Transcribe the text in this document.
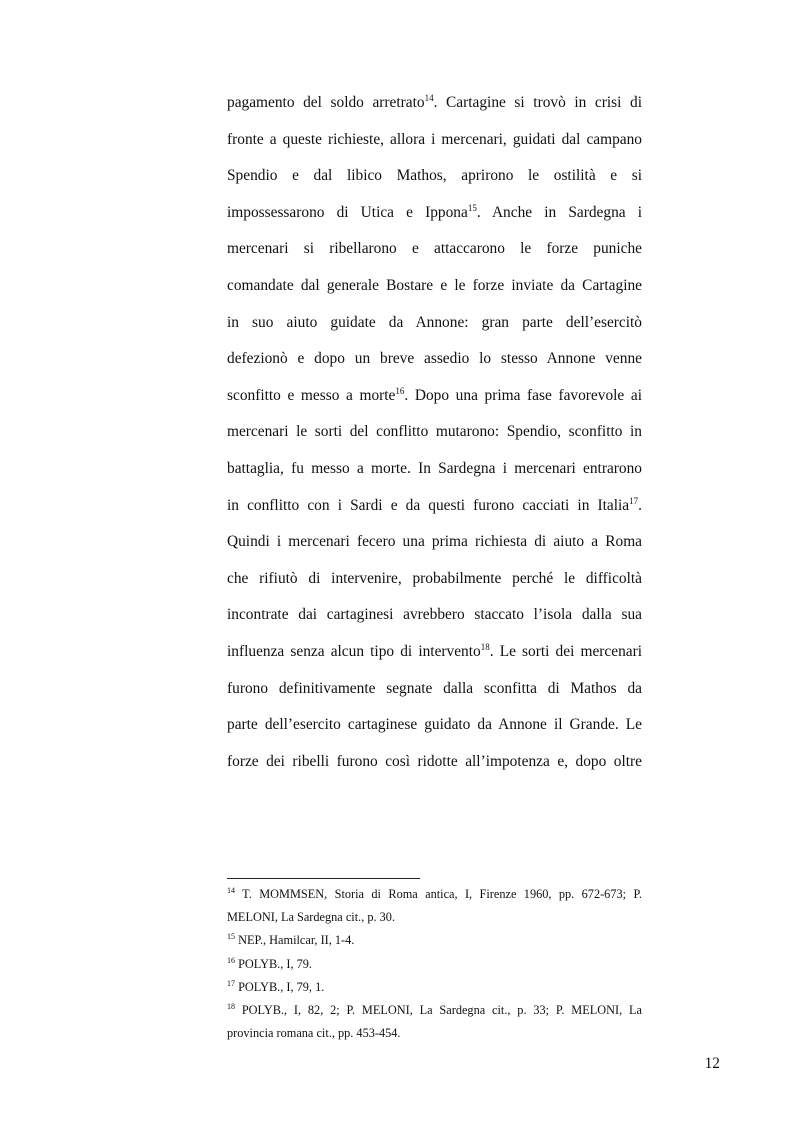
pagamento del soldo arretrato$^{14}$. Cartagine si trovò in crisi di
fronte a queste richieste, allora i mercenari, guidati dal campano
Spendio e dal libico Mathos, aprirono le ostilità e si
impossessarono di Utica e Ippona$^{15}$. Anche in Sardegna i
mercenari si ribellarono e attaccarono le forze puniche
comandate dal generale Bostare e le forze inviate da Cartagine
in suo aiuto guidate da Annone: gran parte dell’esercitò
defezionò e dopo un breve assedio lo stesso Annone venne
sconfitto e messo a morte$^{16}$. Dopo una prima fase favorevole ai
mercenari le sorti del conflitto mutarono: Spendio, sconfitto in
battaglia, fu messo a morte. In Sardegna i mercenari entrarono
in conflitto con i Sardi e da questi furono cacciati in Italia$^{17}$.
Quindi i mercenari fecero una prima richiesta di aiuto a Roma
che rifiutò di intervenire, probabilmente perché le difficoltà
incontrate dai cartaginesi avrebbero staccato l’isola dalla sua
influenza senza alcun tipo di intervento$^{18}$. Le sorti dei mercenari
furono definitivamente segnate dalla sconfitta di Mathos da
parte dell’esercito cartaginese guidato da Annone il Grande. Le
forze dei ribelli furono così ridotte all’impotenza e, dopo oltre
$^{14}$ T. MOMMSEN, Storia di Roma antica, I, Firenze 1960, pp. 672-673; P.
MELONI, La Sardegna cit., p. 30.
$^{15}$ NEP., Hamilcar, II, 1-4.
$^{16}$ POLYB., I, 79.
$^{17}$ POLYB., I, 79, 1.
$^{18}$ POLYB., I, 82, 2; P. MELONI, La Sardegna cit., p. 33; P. MELONI, La
provincia romana cit., pp. 453-454.
12
